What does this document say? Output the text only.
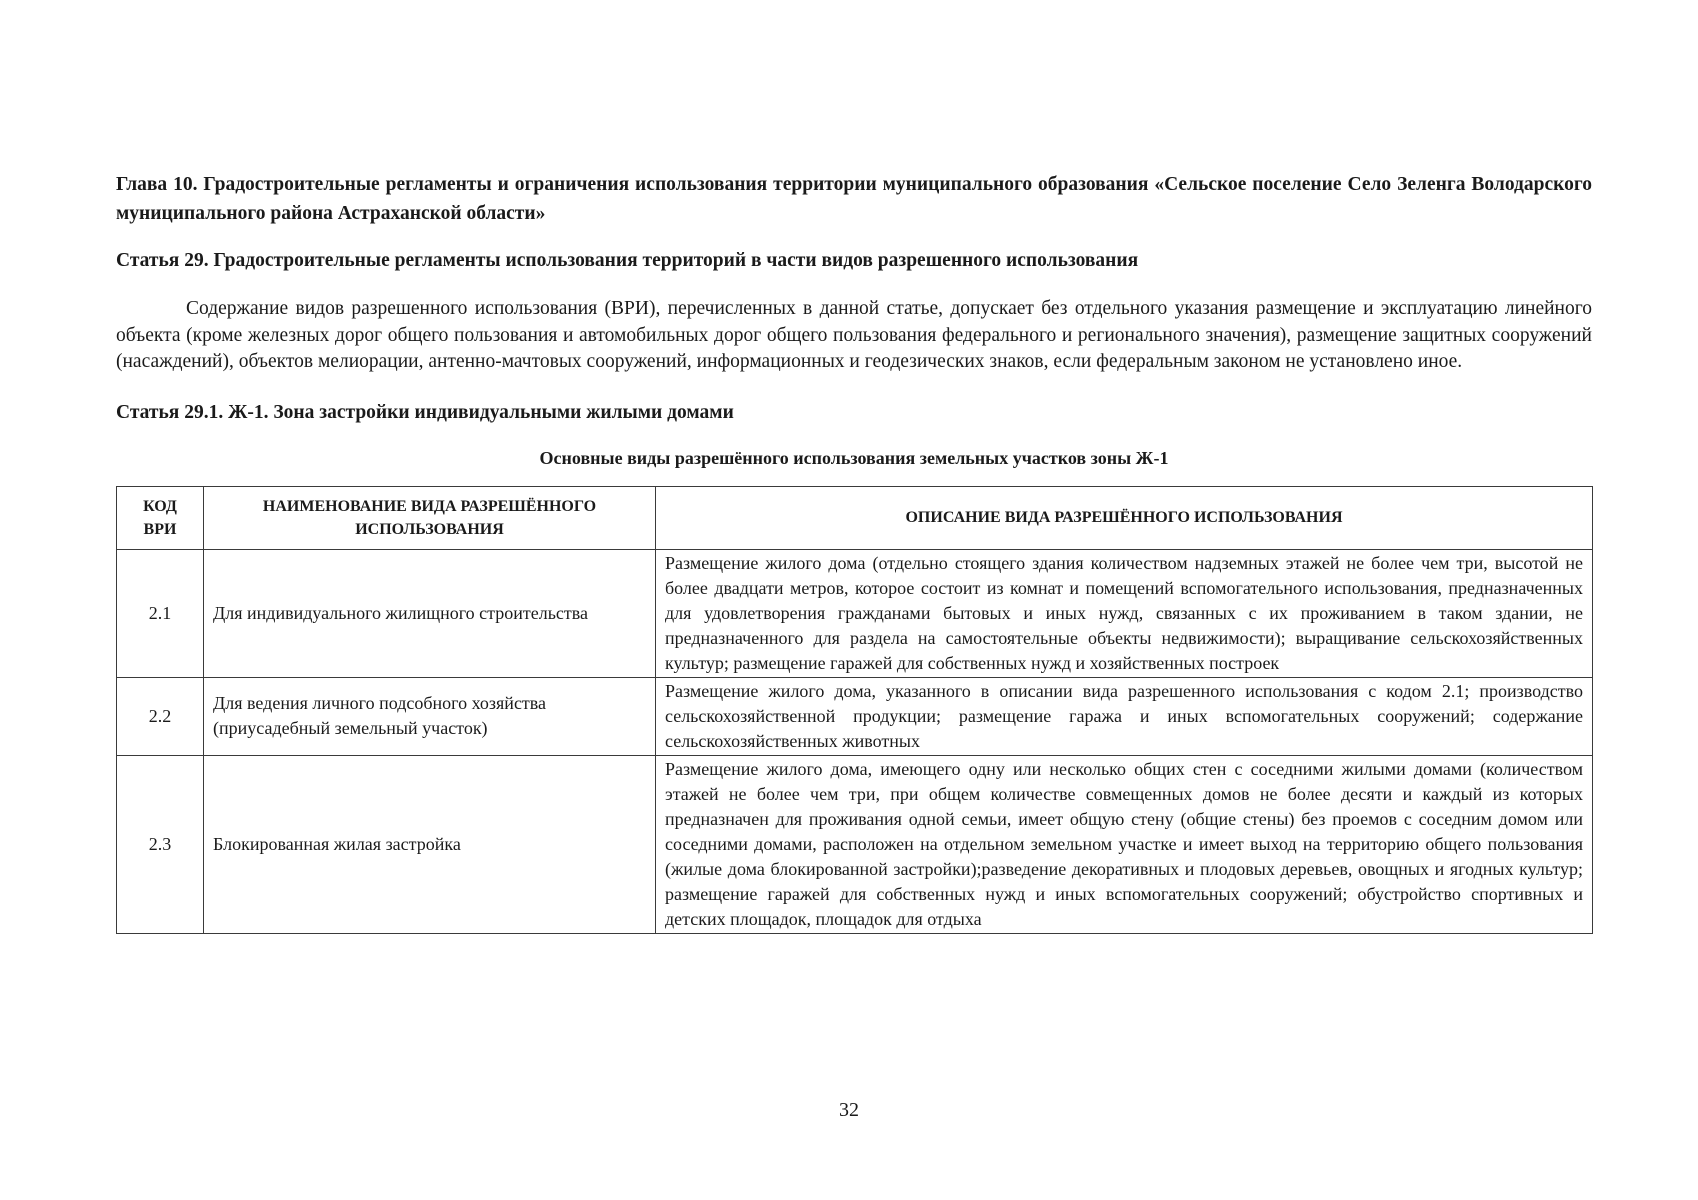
Глава 10. Градостроительные регламенты и ограничения использования территории муниципального образования «Сельское поселение Село Зеленга Володарского муниципального района Астраханской области»

Статья 29. Градостроительные регламенты использования территорий в части видов разрешенного использования

Содержание видов разрешенного использования (ВРИ), перечисленных в данной статье, допускает без отдельного указания размещение и эксплуатацию линейного объекта (кроме железных дорог общего пользования и автомобильных дорог общего пользования федерального и регионального значения), размещение защитных сооружений (насаждений), объектов мелиорации, антенно-мачтовых сооружений, информационных и геодезических знаков, если федеральным законом не установлено иное.

Статья 29.1. Ж-1. Зона застройки индивидуальными жилыми домами

Основные виды разрешённого использования земельных участков зоны Ж-1

КОД ВРИ	НАИМЕНОВАНИЕ ВИДА РАЗРЕШЁННОГО ИСПОЛЬЗОВАНИЯ	ОПИСАНИЕ ВИДА РАЗРЕШЁННОГО ИСПОЛЬЗОВАНИЯ
2.1	Для индивидуального жилищного строительства	Размещение жилого дома (отдельно стоящего здания количеством надземных этажей не более чем три, высотой не более двадцати метров, которое состоит из комнат и помещений вспомогательного использования, предназначенных для удовлетворения гражданами бытовых и иных нужд, связанных с их проживанием в таком здании, не предназначенного для раздела на самостоятельные объекты недвижимости); выращивание сельскохозяйственных культур; размещение гаражей для собственных нужд и хозяйственных построек
2.2	Для ведения личного подсобного хозяйства (приусадебный земельный участок)	Размещение жилого дома, указанного в описании вида разрешенного использования с кодом 2.1; производство сельскохозяйственной продукции; размещение гаража и иных вспомогательных сооружений; содержание сельскохозяйственных животных
2.3	Блокированная жилая застройка	Размещение жилого дома, имеющего одну или несколько общих стен с соседними жилыми домами (количеством этажей не более чем три, при общем количестве совмещенных домов не более десяти и каждый из которых предназначен для проживания одной семьи, имеет общую стену (общие стены) без проемов с соседним домом или соседними домами, расположен на отдельном земельном участке и имеет выход на территорию общего пользования (жилые дома блокированной застройки);разведение декоративных и плодовых деревьев, овощных и ягодных культур; размещение гаражей для собственных нужд и иных вспомогательных сооружений; обустройство спортивных и детских площадок, площадок для отдыха
32
